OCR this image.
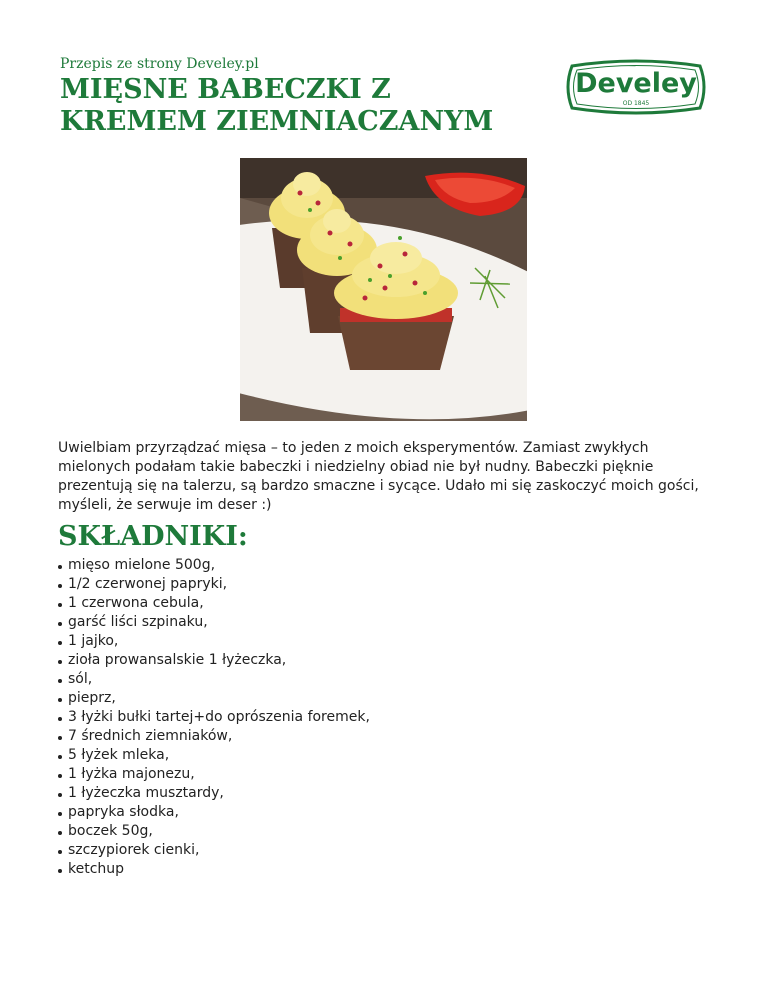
Przepis ze strony Develey.pl
MIĘSNE BABECZKI Z KREMEM ZIEMNIACZANYM
Develey
OD 1845

Uwielbiam przyrządzać mięsa – to jeden z moich eksperymentów. Zamiast zwykłych mielonych podałam takie babeczki i niedzielny obiad nie był nudny. Babeczki pięknie prezentują się na talerzu, są bardzo smaczne i sycące. Udało mi się zaskoczyć moich gości, myśleli, że serwuje im deser :)

SKŁADNIKI:
mięso mielone 500g,
1/2 czerwonej papryki,
1 czerwona cebula,
garść liści szpinaku,
1 jajko,
zioła prowansalskie 1 łyżeczka,
sól,
pieprz,
3 łyżki bułki tartej+do oprószenia foremek,
7 średnich ziemniaków,
5 łyżek mleka,
1 łyżka majonezu,
1 łyżeczka musztardy,
papryka słodka,
boczek 50g,
szczypiorek cienki,
ketchup
